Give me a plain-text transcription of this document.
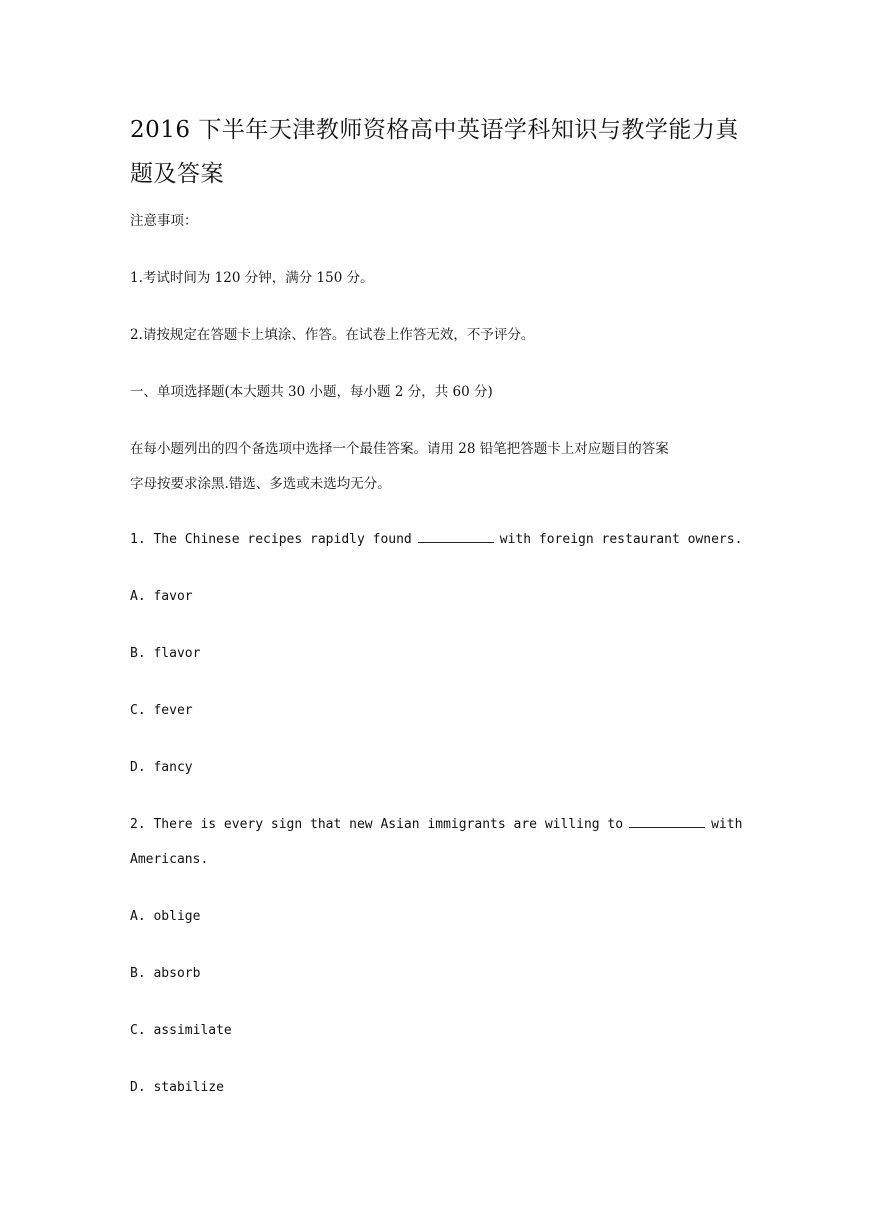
2016 下半年天津教师资格高中英语学科知识与教学能力真
题及答案
注意事项：
1.考试时间为 120 分钟，满分 150 分。
2.请按规定在答题卡上填涂、作答。在试卷上作答无效，不予评分。
一、单项选择题(本大题共 30 小题，每小题 2 分，共 60 分)
在每小题列出的四个备选项中选择一个最佳答案。请用 28 铅笔把答题卡上对应题目的答案
字母按要求涂黑.错选、多选或未选均无分。
1. The Chinese recipes rapidly found	with foreign restaurant owners.
A. favor
B. flavor
C. fever
D. fancy
2. There is every sign that new Asian immigrants are willing to	with
Americans.
A. oblige
B. absorb
C. assimilate
D. stabilize
